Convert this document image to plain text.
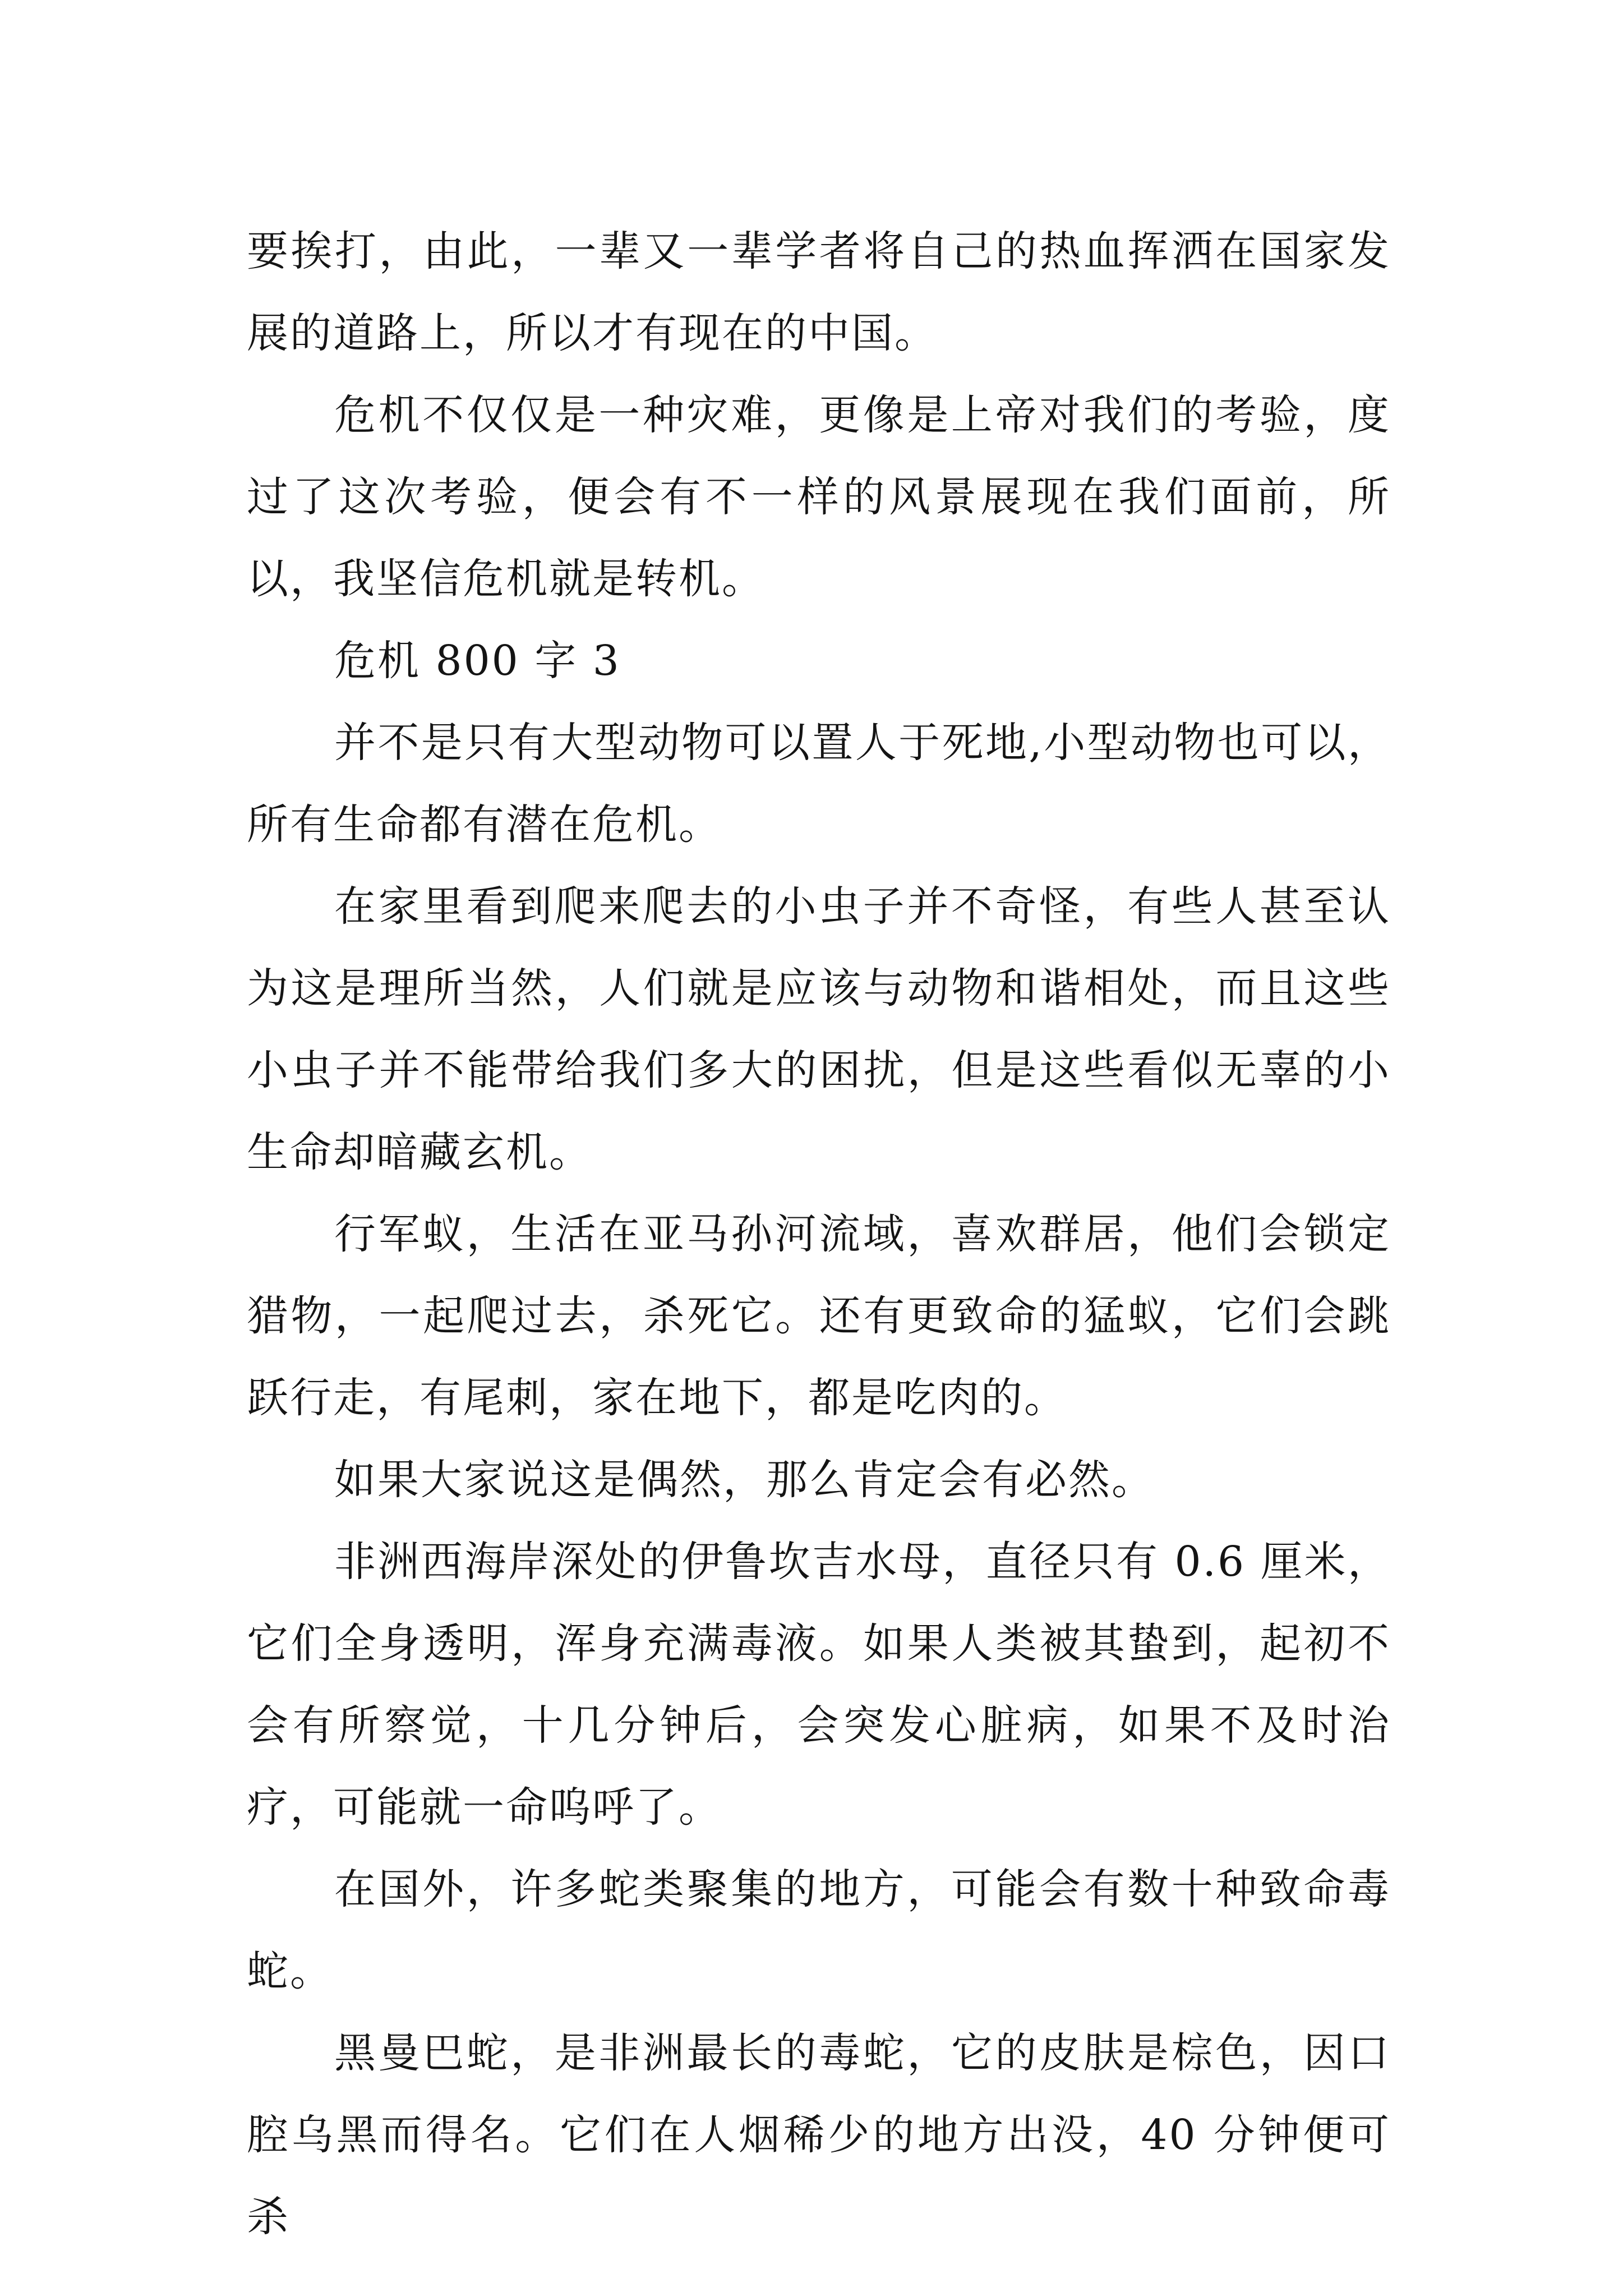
要挨打，由此，一辈又一辈学者将自己的热血挥洒在国家发展的道路上，所以才有现在的中国。

危机不仅仅是一种灾难，更像是上帝对我们的考验，度过了这次考验，便会有不一样的风景展现在我们面前，所以，我坚信危机就是转机。

危机 800 字 3

并不是只有大型动物可以置人于死地,小型动物也可以，所有生命都有潜在危机。

在家里看到爬来爬去的小虫子并不奇怪，有些人甚至认为这是理所当然，人们就是应该与动物和谐相处，而且这些小虫子并不能带给我们多大的困扰，但是这些看似无辜的小生命却暗藏玄机。

行军蚁，生活在亚马孙河流域，喜欢群居，他们会锁定猎物，一起爬过去，杀死它。还有更致命的猛蚁，它们会跳跃行走，有尾刺，家在地下，都是吃肉的。

如果大家说这是偶然，那么肯定会有必然。

非洲西海岸深处的伊鲁坎吉水母，直径只有 0.6 厘米，它们全身透明，浑身充满毒液。如果人类被其蛰到，起初不会有所察觉，十几分钟后，会突发心脏病，如果不及时治疗，可能就一命呜呼了。

在国外，许多蛇类聚集的地方，可能会有数十种致命毒蛇。

黑曼巴蛇，是非洲最长的毒蛇，它的皮肤是棕色，因口腔乌黑而得名。它们在人烟稀少的地方出没，40 分钟便可杀
